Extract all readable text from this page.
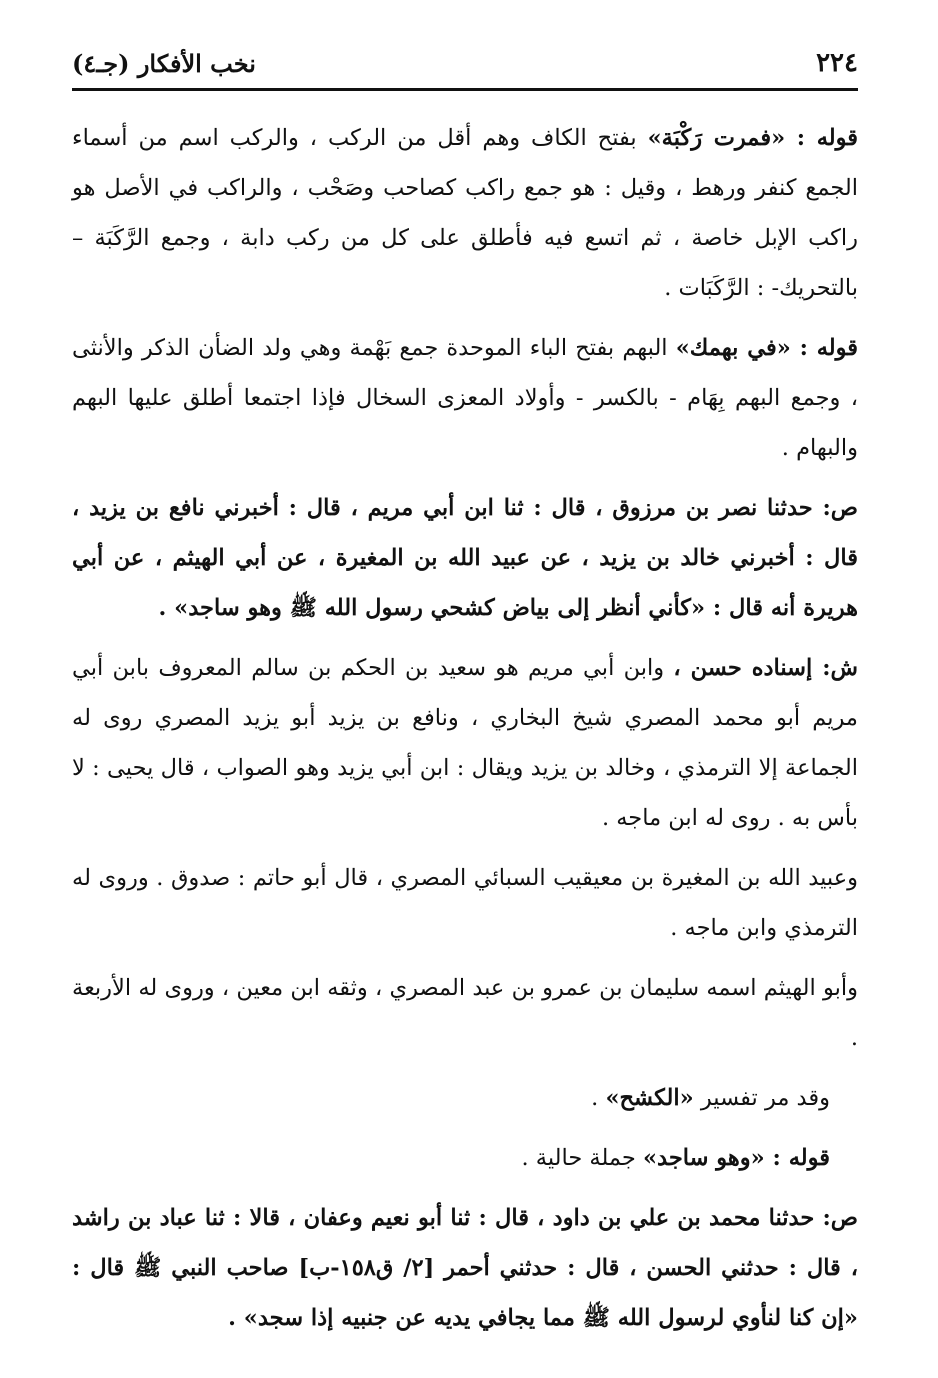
٢٢٤
نخب الأفكار (جـ٤)

قوله : «فمرت رَكْبَة» بفتح الكاف وهم أقل من الركب ، والركب اسم من أسماء الجمع كنفر ورهط ، وقيل : هو جمع راكب كصاحب وصَحْب ، والراكب في الأصل هو راكب الإبل خاصة ، ثم اتسع فيه فأطلق على كل من ركب دابة ، وجمع الرَّكَبَة – بالتحريك- : الرَّكَبَات .

قوله : «في بهمك» البهم بفتح الباء الموحدة جمع بَهْمة وهي ولد الضأن الذكر والأنثى ، وجمع البهم بِهَام - بالكسر - وأولاد المعزى السخال فإذا اجتمعا أطلق عليها البهم والبهام .

ص: حدثنا نصر بن مرزوق ، قال : ثنا ابن أبي مريم ، قال : أخبرني نافع بن يزيد ، قال : أخبرني خالد بن يزيد ، عن عبيد الله بن المغيرة ، عن أبي الهيثم ، عن أبي هريرة أنه قال : «كأني أنظر إلى بياض كشحي رسول الله ﷺ وهو ساجد» .

ش: إسناده حسن ، وابن أبي مريم هو سعيد بن الحكم بن سالم المعروف بابن أبي مريم أبو محمد المصري شيخ البخاري ، ونافع بن يزيد أبو يزيد المصري روى له الجماعة إلا الترمذي ، وخالد بن يزيد ويقال : ابن أبي يزيد وهو الصواب ، قال يحيى : لا بأس به . روى له ابن ماجه .

وعبيد الله بن المغيرة بن معيقيب السبائي المصري ، قال أبو حاتم : صدوق . وروى له الترمذي وابن ماجه .

وأبو الهيثم اسمه سليمان بن عمرو بن عبد المصري ، وثقه ابن معين ، وروى له الأربعة .

وقد مر تفسير «الكشح» .

قوله : «وهو ساجد» جملة حالية .

ص: حدثنا محمد بن علي بن داود ، قال : ثنا أبو نعيم وعفان ، قالا : ثنا عباد بن راشد ، قال : حدثني الحسن ، قال : حدثني أحمر [٢/ ق١٥٨-ب] صاحب النبي ﷺ قال : «إن كنا لنأوي لرسول الله ﷺ مما يجافي يديه عن جنبيه إذا سجد» .
